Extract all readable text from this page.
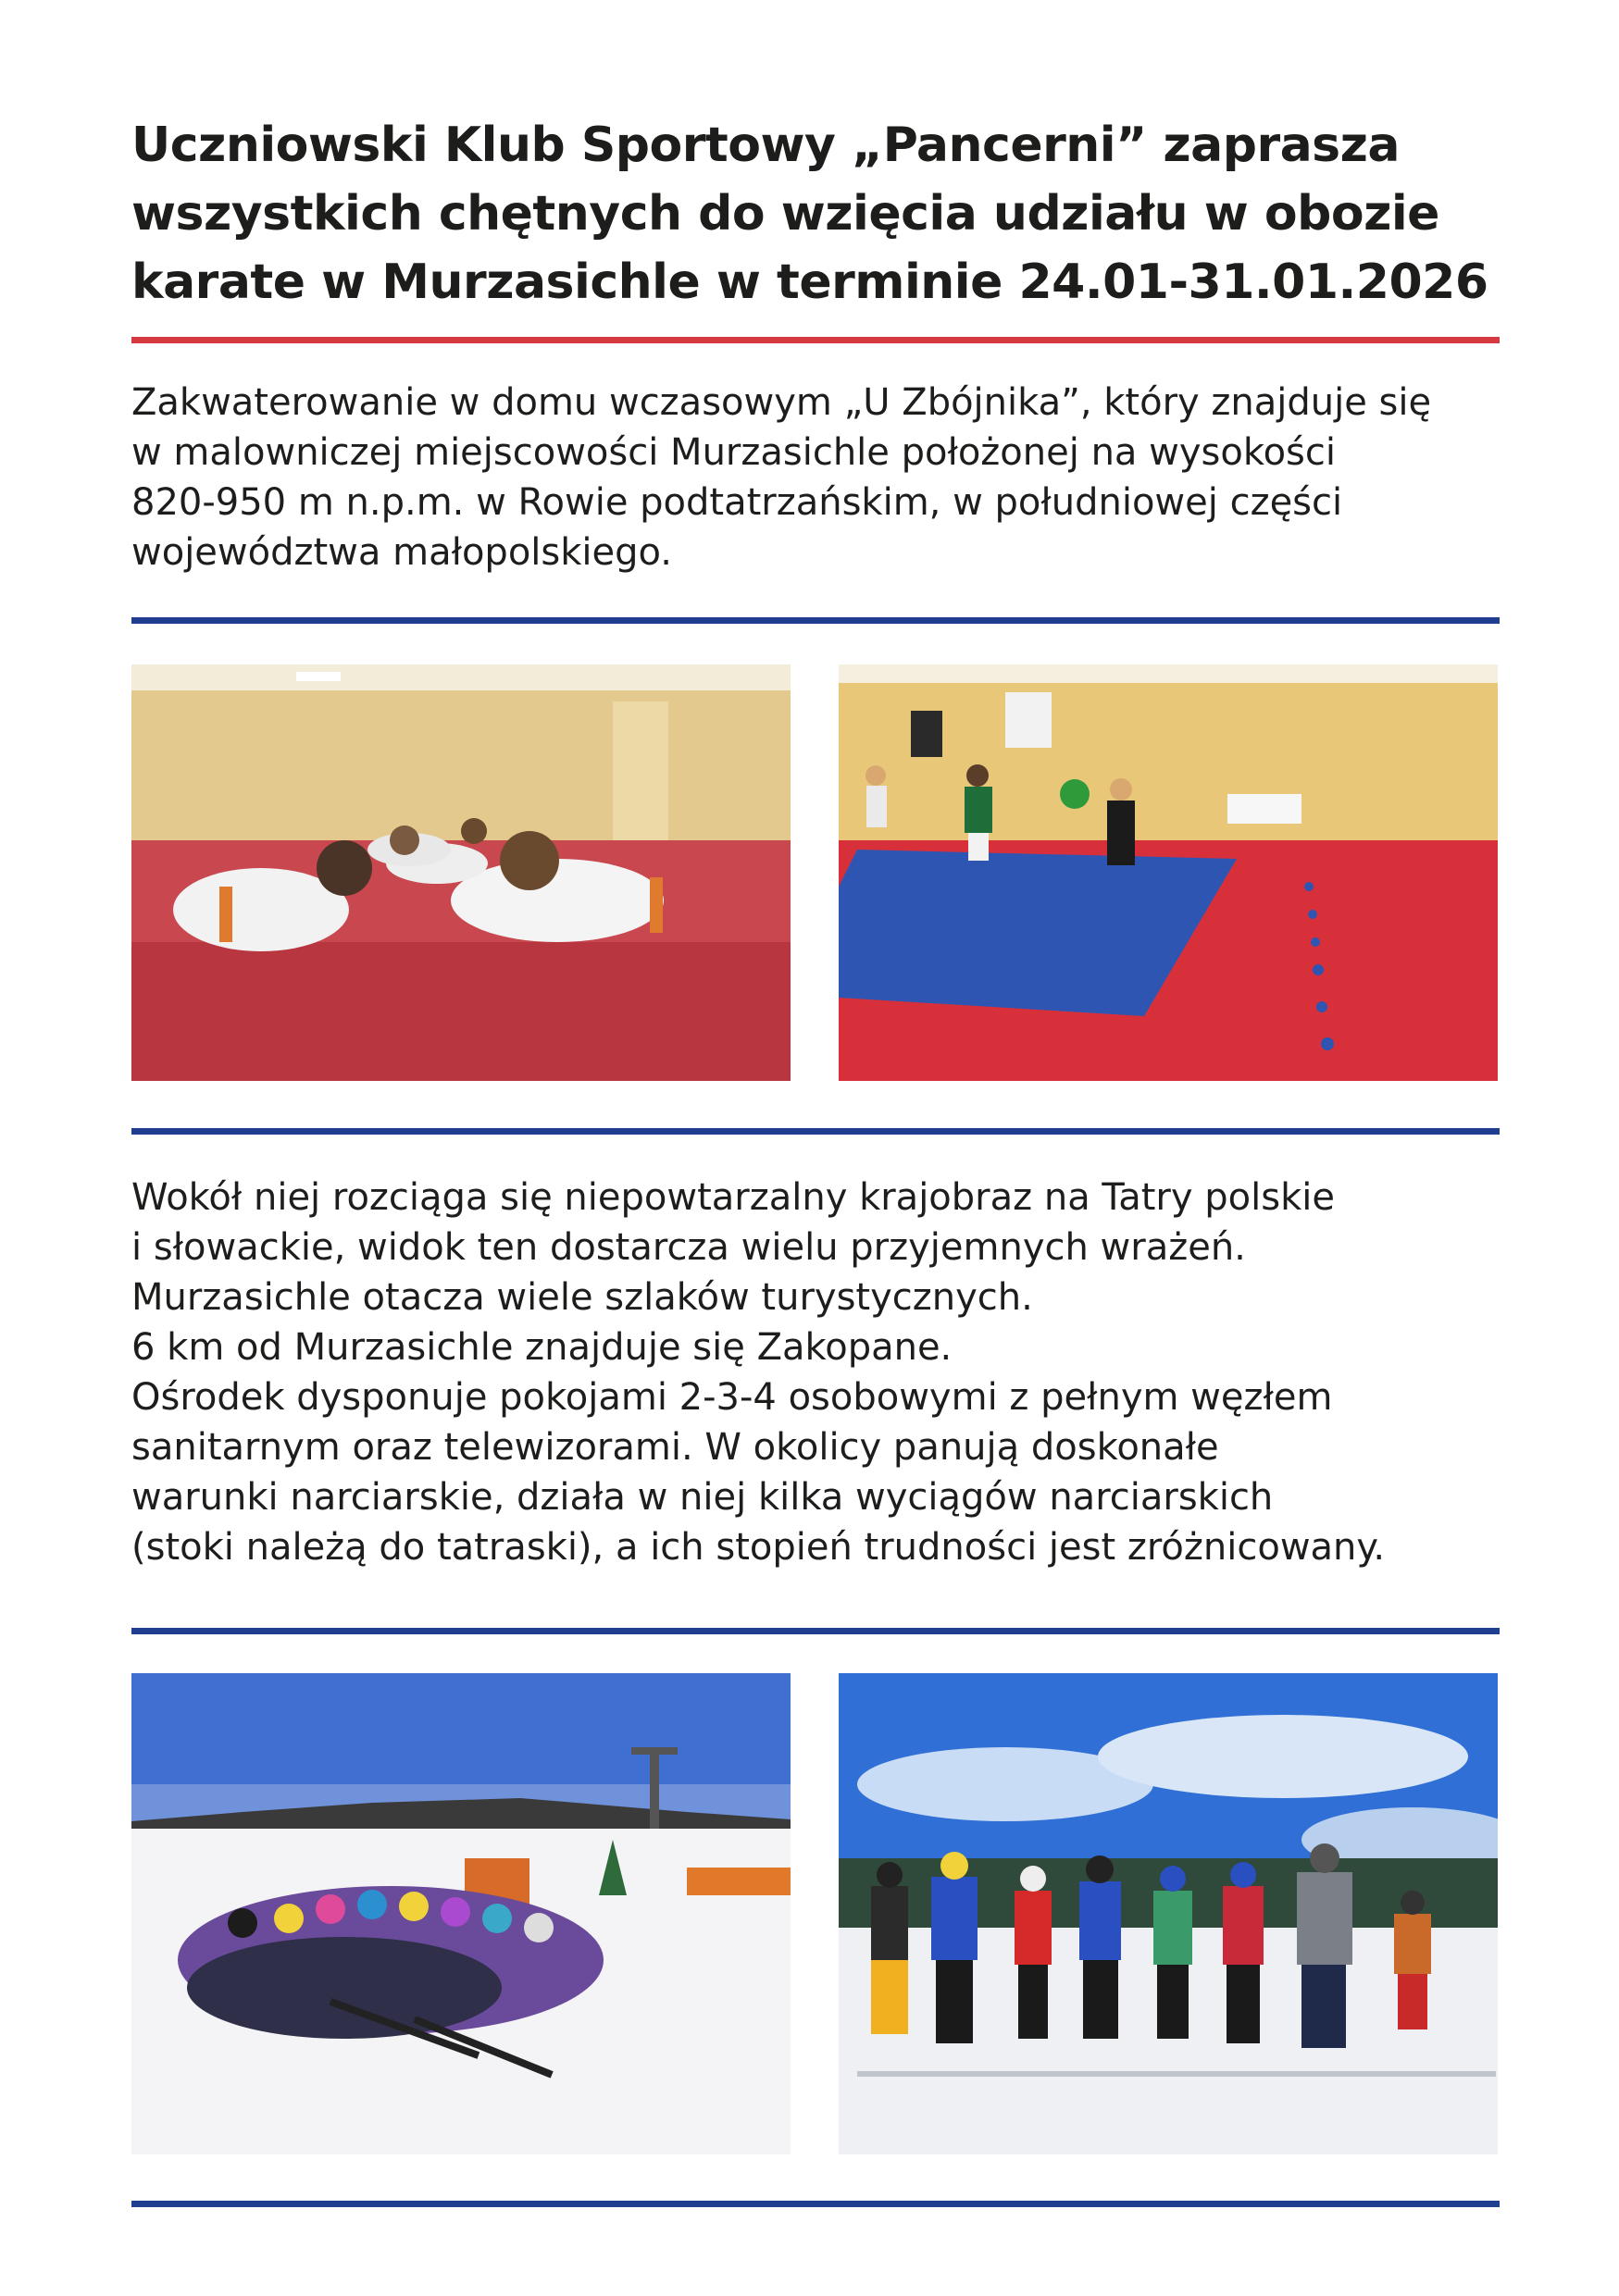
Uczniowski Klub Sportowy „Pancerni” zaprasza
wszystkich chętnych do wzięcia udziału w obozie
karate w Murzasichle w terminie 24.01-31.01.2026

Zakwaterowanie w domu wczasowym „U Zbójnika”, który znajduje się
w malowniczej miejscowości Murzasichle położonej na wysokości
820-950 m n.p.m. w Rowie podtatrzańskim, w południowej części
województwa małopolskiego.

Wokół niej rozciąga się niepowtarzalny krajobraz na Tatry polskie
i słowackie, widok ten dostarcza wielu przyjemnych wrażeń.
Murzasichle otacza wiele szlaków turystycznych.
6 km od Murzasichle znajduje się Zakopane.
Ośrodek dysponuje pokojami 2-3-4 osobowymi z pełnym węzłem
sanitarnym oraz telewizorami. W okolicy panują doskonałe
warunki narciarskie, działa w niej kilka wyciągów narciarskich
(stoki należą do tatraski), a ich stopień trudności jest zróżnicowany.
